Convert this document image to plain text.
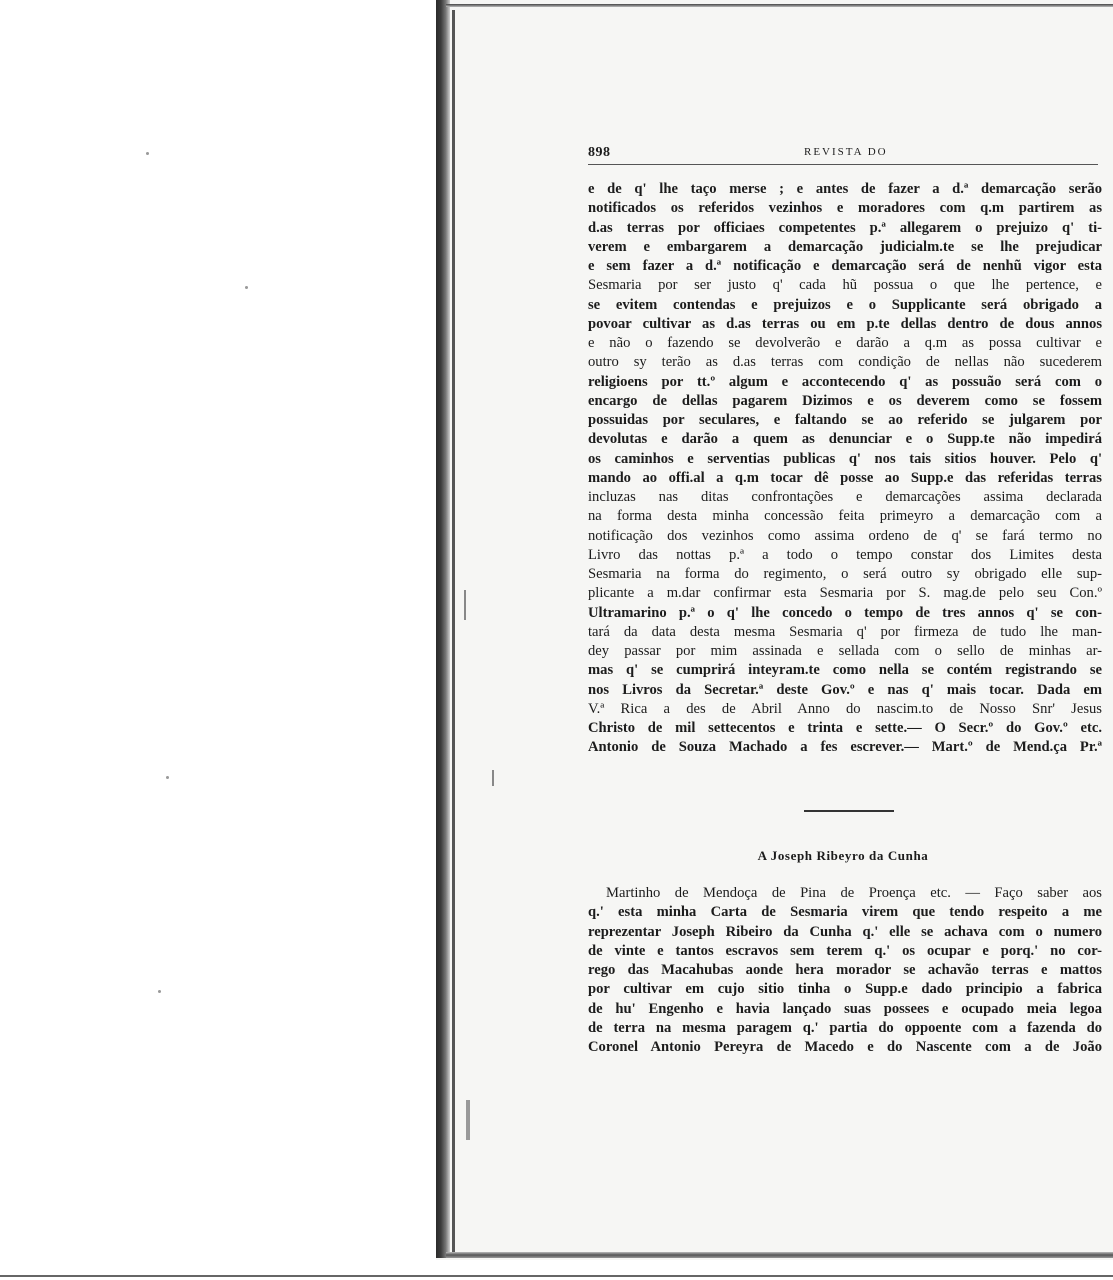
898	REVISTA DO
e de q' lhe taço merse ; e antes de fazer a d.ª demarcação serão
notificados os referidos vezinhos e moradores com q.m partirem as
d.as terras por officiaes competentes p.ª allegarem o prejuizo q' ti-
verem e embargarem a demarcação judicialm.te se lhe prejudicar
e sem fazer a d.ª notificação e demarcação será de nenhũ vigor esta
Sesmaria por ser justo q' cada hũ possua o que lhe pertence, e
se evitem contendas e prejuizos e o Supplicante será obrigado a
povoar cultivar as d.as terras ou em p.te dellas dentro de dous annos
e não o fazendo se devolverão e darão a q.m as possa cultivar e
outro sy terão as d.as terras com condição de nellas não sucederem
religioens por tt.º algum e accontecendo q' as possuão será com o
encargo de dellas pagarem Dizimos e os deverem como se fossem
possuidas por seculares, e faltando se ao referido se julgarem por
devolutas e darão a quem as denunciar e o Supp.te não impedirá
os caminhos e serventias publicas q' nos tais sitios houver. Pelo q'
mando ao offi.al a q.m tocar dê posse ao Supp.e das referidas terras
incluzas nas ditas confrontações e demarcações assima declarada
na forma desta minha concessão feita primeyro a demarcação com a
notificação dos vezinhos como assima ordeno de q' se fará termo no
Livro das nottas p.ª a todo o tempo constar dos Limites desta
Sesmaria na forma do regimento, o será outro sy obrigado elle sup-
plicante a m.dar confirmar esta Sesmaria por S. mag.de pelo seu Con.º
Ultramarino p.ª o q' lhe concedo o tempo de tres annos q' se con-
tará da data desta mesma Sesmaria q' por firmeza de tudo lhe man-
dey passar por mim assinada e sellada com o sello de minhas ar-
mas q' se cumprirá inteyram.te como nella se contém registrando se
nos Livros da Secretar.ª deste Gov.º e nas q' mais tocar. Dada em
V.ª Rica a des de Abril Anno do nascim.to de Nosso Snr' Jesus
Christo de mil settecentos e trinta e sette.— O Secr.º do Gov.º etc.
Antonio de Souza Machado a fes escrever.— Mart.º de Mend.ça Pr.ª
A Joseph Ribeyro da Cunha
Martinho de Mendoça de Pina de Proença etc. — Faço saber aos
q.' esta minha Carta de Sesmaria virem que tendo respeito a me
reprezentar Joseph Ribeiro da Cunha q.' elle se achava com o numero
de vinte e tantos escravos sem terem q.' os ocupar e porq.' no cor-
rego das Macahubas aonde hera morador se achavão terras e mattos
por cultivar em cujo sitio tinha o Supp.e dado principio a fabrica
de hu' Engenho e havia lançado suas possees e ocupado meia legoa
de terra na mesma paragem q.' partia do oppoente com a fazenda do
Coronel Antonio Pereyra de Macedo e do Nascente com a de João
